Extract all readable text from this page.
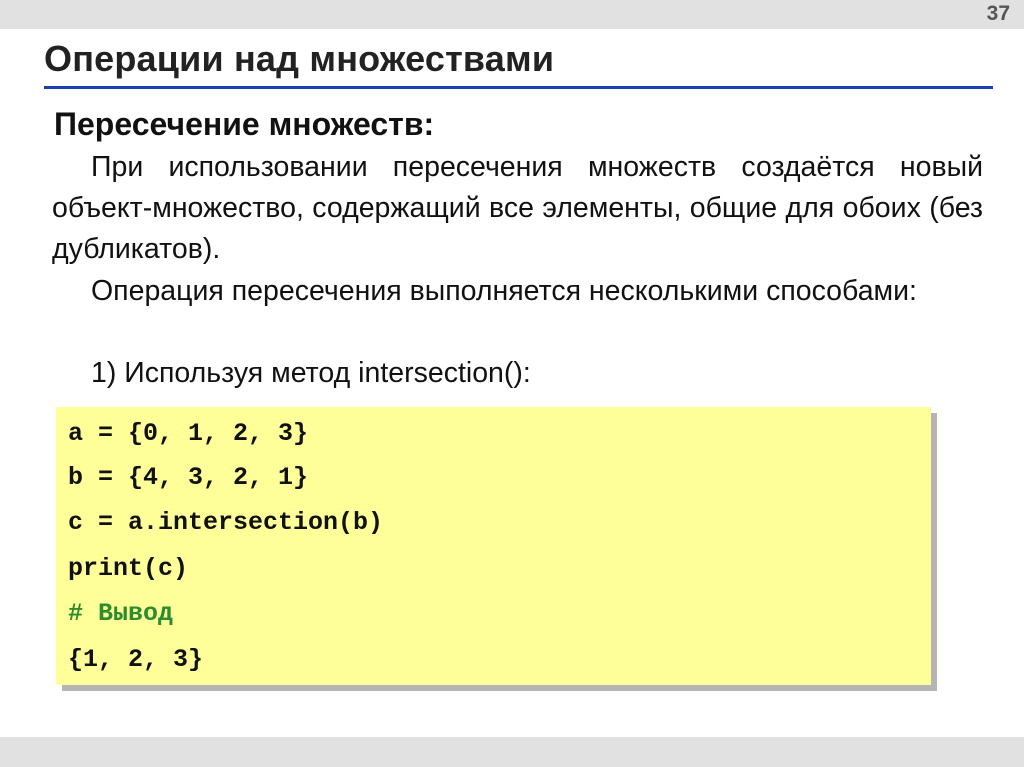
37
Операции над множествами
Пересечение множеств:
При использовании пересечения множеств создаётся новый объект-множество, содержащий все элементы, общие для обоих (без дубликатов).
Операция пересечения выполняется несколькими способами:
1) Используя метод intersection():
a = {0, 1, 2, 3}
b = {4, 3, 2, 1}
c = a.intersection(b)
print(c)
# Вывод
{1, 2, 3}
